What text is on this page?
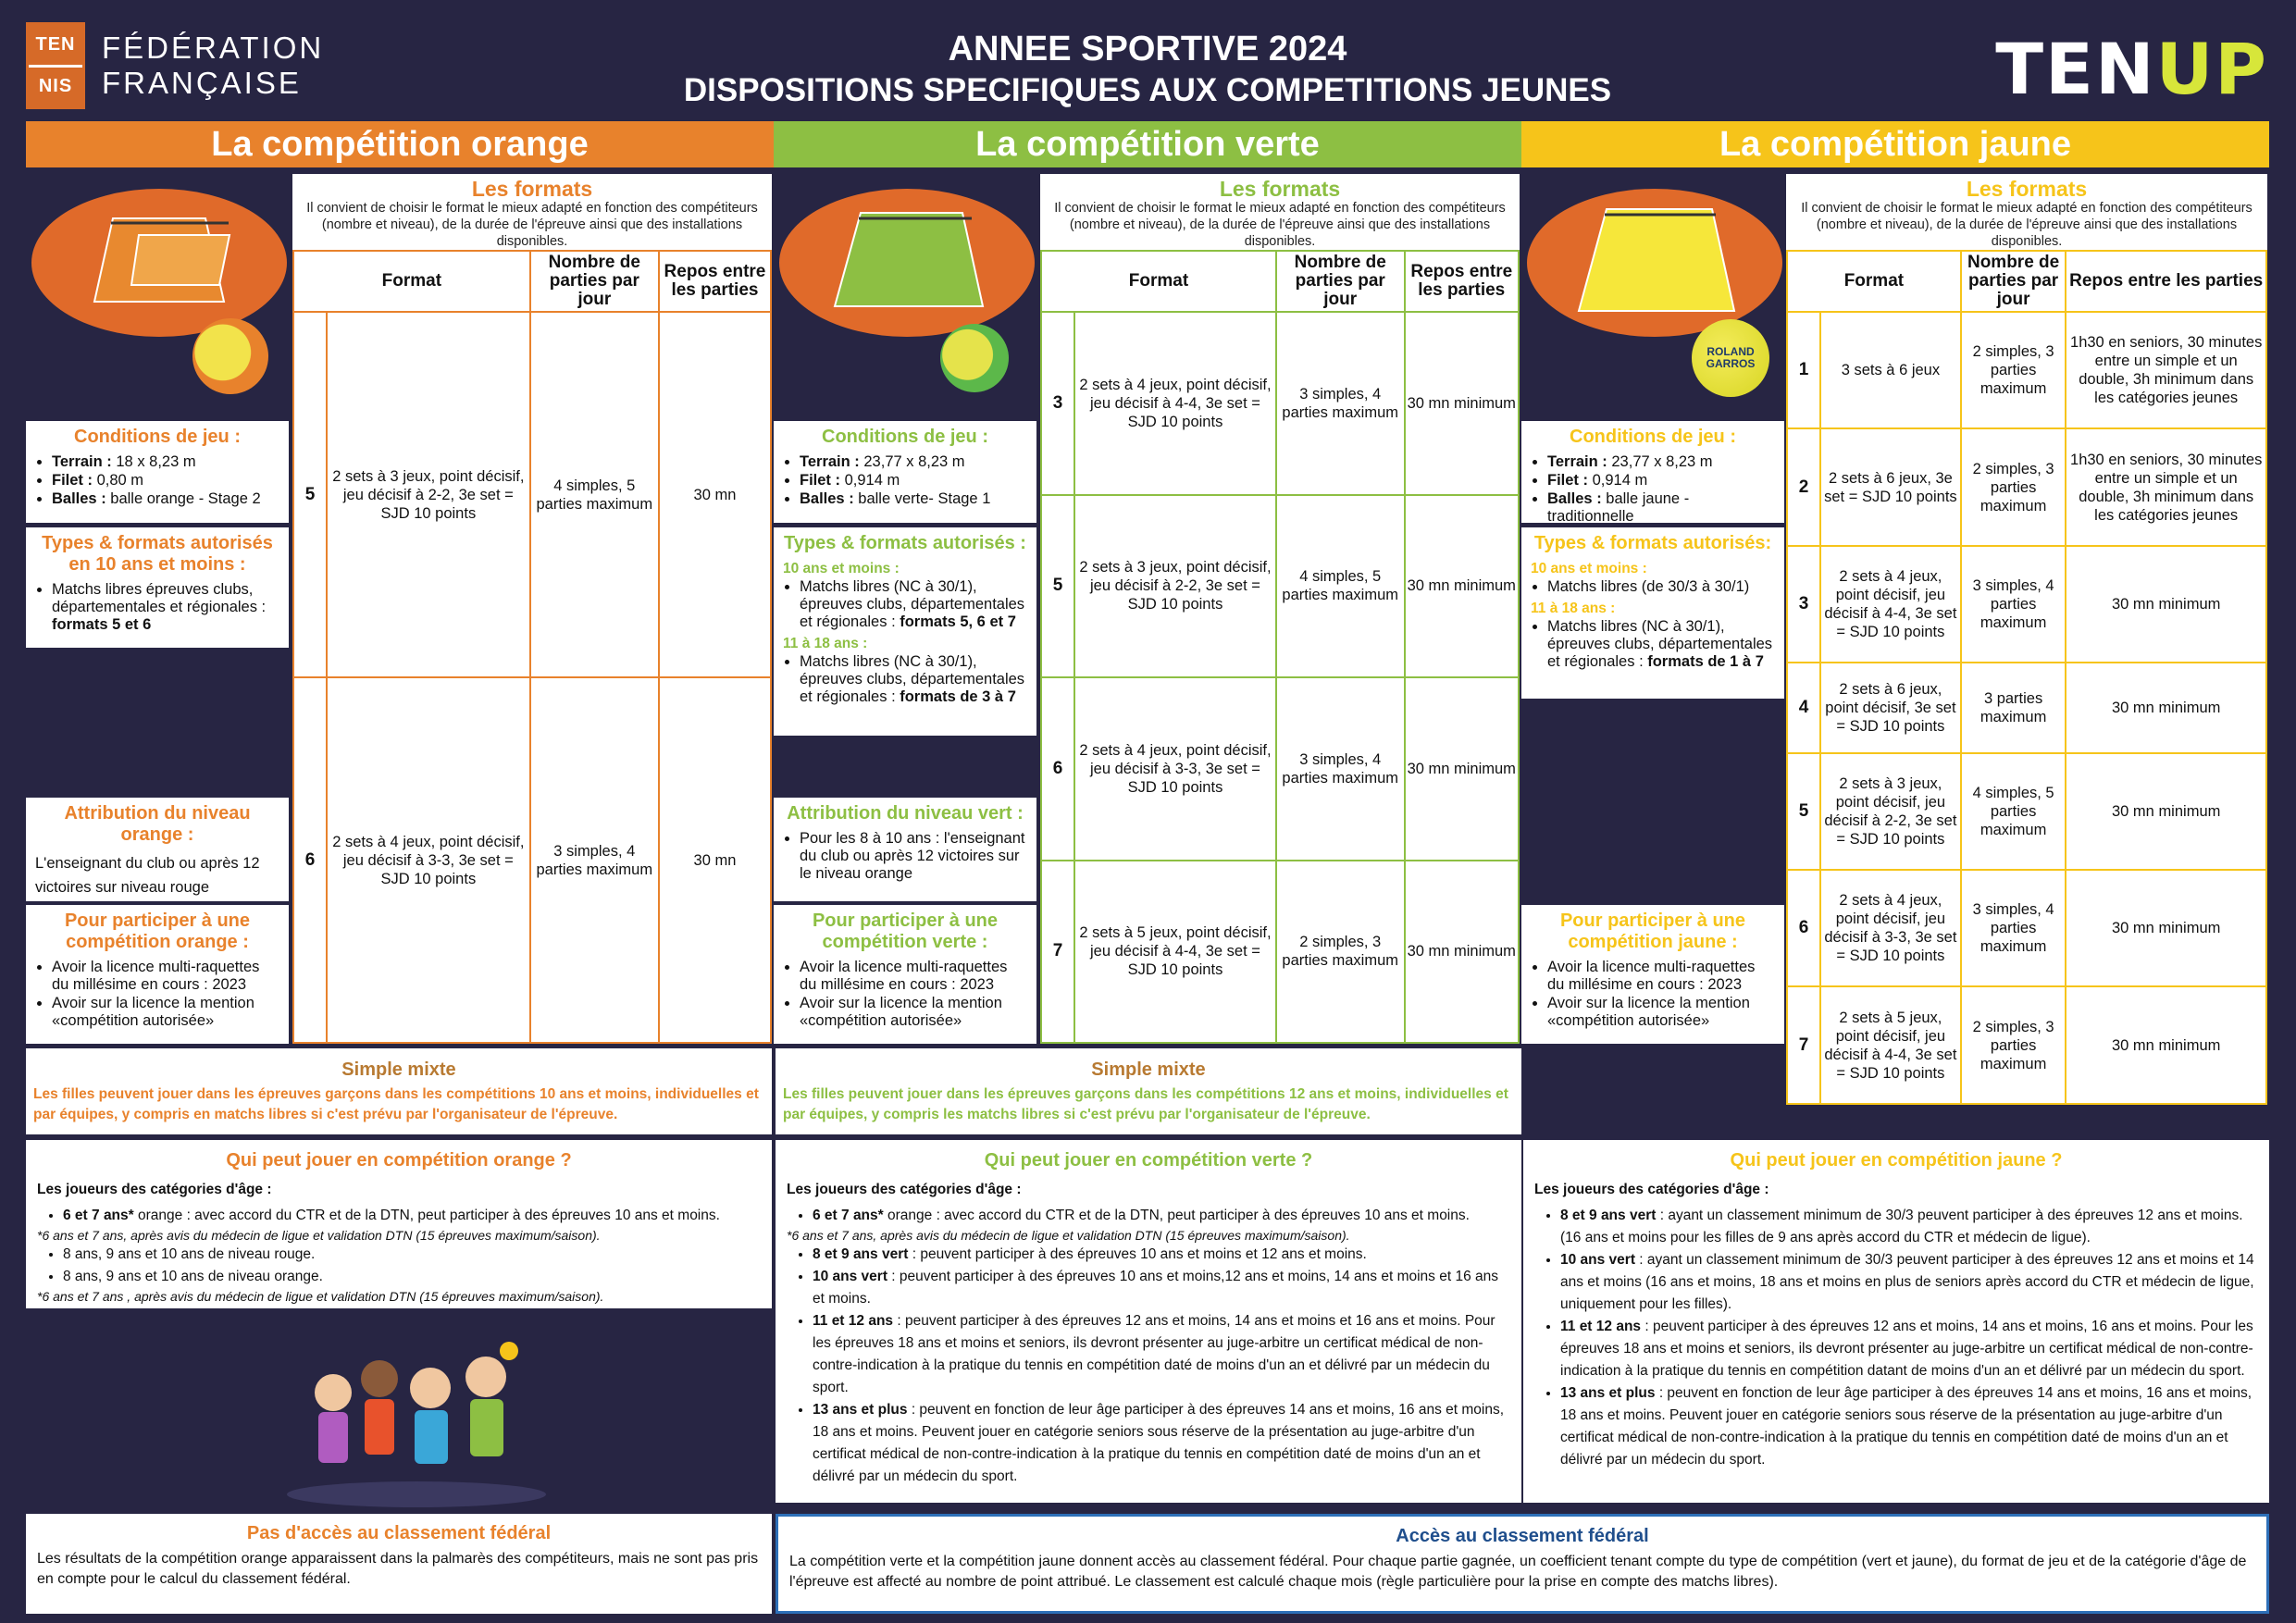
TEN
NIS
FÉDÉRATION
FRANÇAISE
ANNEE SPORTIVE 2024
DISPOSITIONS SPECIFIQUES AUX COMPETITIONS JEUNES	TENUP
La compétition orange	La compétition verte	La compétition jaune
Conditions de jeu :
• Terrain : 18 x 8,23 m
• Filet : 0,80 m
• Balles : balle orange - Stage 2
Types & formats autorisés en 10 ans et moins :
• Matchs libres épreuves clubs, départementales et régionales : formats 5 et 6
Attribution du niveau orange :

L'enseignant du club ou après 12 victoires sur niveau rouge

Pour participer à une compétition orange :
• Avoir la licence multi-raquettes du millésime en cours : 2023
• Avoir sur la licence la mention «compétition autorisée»
Les formats

Il convient de choisir le format le mieux adapté en fonction des compétiteurs (nombre et niveau), de la durée de l'épreuve ainsi que des installations disponibles.

Format		Nombre de parties par jour	Repos entre les parties
5	2 sets à 3 jeux, point décisif, jeu décisif à 2-2, 3e set = SJD 10 points	4 simples, 5 parties maximum	30 mn
6	2 sets à 4 jeux, point décisif, jeu décisif à 3-3, 3e set = SJD 10 points	3 simples, 4 parties maximum	30 mn
Simple mixte

Les filles peuvent jouer dans les épreuves garçons dans les compétitions 10 ans et moins, individuelles et par équipes, y compris en matchs libres si c'est prévu par l'organisateur de l'épreuve.

Qui peut jouer en compétition orange ?
Les joueurs des catégories d'âge :
• 6 et 7 ans* orange : avec accord du CTR et de la DTN, peut participer à des épreuves 10 ans et moins.
*6 ans et 7 ans, après avis du médecin de ligue et validation DTN (15 épreuves maximum/saison).
• 8 ans, 9 ans et 10 ans de niveau rouge.
• 8 ans, 9 ans et 10 ans de niveau orange.
*6 ans et 7 ans , après avis du médecin de ligue et validation DTN (15 épreuves maximum/saison).
Pas d'accès au classement fédéral

Les résultats de la compétition orange apparaissent dans la palmarès des compétiteurs, mais ne sont pas pris en compte pour le calcul du classement fédéral.

Conditions de jeu :
• Terrain : 23,77 x 8,23 m
• Filet : 0,914 m
• Balles : balle verte- Stage 1
Types & formats autorisés :
10 ans et moins :
• Matchs libres (NC à 30/1), épreuves clubs, départementales et régionales : formats 5, 6 et 7
11 à 18 ans :
• Matchs libres (NC à 30/1), épreuves clubs, départementales et régionales : formats de 3 à 7
Attribution du niveau vert :
• Pour les 8 à 10 ans : l'enseignant du club ou après 12 victoires sur le niveau orange
Pour participer à une compétition verte :
• Avoir la licence multi-raquettes du millésime en cours : 2023
• Avoir sur la licence la mention «compétition autorisée»
Les formats

Il convient de choisir le format le mieux adapté en fonction des compétiteurs (nombre et niveau), de la durée de l'épreuve ainsi que des installations disponibles.

Format		Nombre de parties par jour	Repos entre les parties
3	2 sets à 4 jeux, point décisif, jeu décisif à 4-4, 3e set = SJD 10 points	3 simples, 4 parties maximum	30 mn minimum
5	2 sets à 3 jeux, point décisif, jeu décisif à 2-2, 3e set = SJD 10 points	4 simples, 5 parties maximum	30 mn minimum
6	2 sets à 4 jeux, point décisif, jeu décisif à 3-3, 3e set = SJD 10 points	3 simples, 4 parties maximum	30 mn minimum
7	2 sets à 5 jeux, point décisif, jeu décisif à 4-4, 3e set = SJD 10 points	2 simples, 3 parties maximum	30 mn minimum
Simple mixte

Les filles peuvent jouer dans les épreuves garçons dans les compétitions 12 ans et moins, individuelles et par équipes, y compris les matchs libres si c'est prévu par l'organisateur de l'épreuve.

Qui peut jouer en compétition verte ?
Les joueurs des catégories d'âge :
• 6 et 7 ans* orange : avec accord du CTR et de la DTN, peut participer à des épreuves 10 ans et moins.
*6 ans et 7 ans, après avis du médecin de ligue et validation DTN (15 épreuves maximum/saison).
• 8 et 9 ans vert : peuvent participer à des épreuves 10 ans et moins et 12 ans et moins.
• 10 ans vert : peuvent participer à des épreuves 10 ans et moins,12 ans et moins, 14 ans et moins et 16 ans et moins.
• 11 et 12 ans : peuvent participer à des épreuves 12 ans et moins, 14 ans et moins et 16 ans et moins. Pour les épreuves 18 ans et moins et seniors, ils devront présenter au juge-arbitre un certificat médical de non-contre-indication à la pratique du tennis en compétition daté de moins d'un an et délivré par un médecin du sport.
• 13 ans et plus : peuvent en fonction de leur âge participer à des épreuves 14 ans et moins, 16 ans et moins, 18 ans et moins. Peuvent jouer en catégorie seniors sous réserve de la présentation au juge-arbitre d'un certificat médical de non-contre-indication à la pratique du tennis en compétition daté de moins d'un an et délivré par un médecin du sport.
Accès au classement fédéral

La compétition verte et la compétition jaune donnent accès au classement fédéral. Pour chaque partie gagnée, un coefficient tenant compte du type de compétition (vert et jaune), du format de jeu et de la catégorie d'âge de l'épreuve est affecté au nombre de point attribué. Le classement est calculé chaque mois (règle particulière pour la prise en compte des matchs libres).

ROLAND GARROS
Conditions de jeu :
• Terrain : 23,77 x 8,23 m
• Filet : 0,914 m
• Balles : balle jaune - traditionnelle
Types & formats autorisés:
10 ans et moins :
• Matchs libres (de 30/3 à 30/1)
11 à 18 ans :
• Matchs libres (NC à 30/1), épreuves clubs, départementales et régionales : formats de 1 à 7
Pour participer à une compétition jaune :
• Avoir la licence multi-raquettes du millésime en cours : 2023
• Avoir sur la licence la mention «compétition autorisée»
Les formats

Il convient de choisir le format le mieux adapté en fonction des compétiteurs (nombre et niveau), de la durée de l'épreuve ainsi que des installations disponibles.

Format		Nombre de parties par jour	Repos entre les parties
1	3 sets à 6 jeux	2 simples, 3 parties maximum	1h30 en seniors, 30 minutes entre un simple et un double, 3h minimum dans les catégories jeunes
2	2 sets à 6 jeux, 3e set = SJD 10 points	2 simples, 3 parties maximum	1h30 en seniors, 30 minutes entre un simple et un double, 3h minimum dans les catégories jeunes
3	2 sets à 4 jeux, point décisif, jeu décisif à 4-4, 3e set = SJD 10 points	3 simples, 4 parties maximum	30 mn minimum
4	2 sets à 6 jeux, point décisif, 3e set = SJD 10 points	3 parties maximum	30 mn minimum
5	2 sets à 3 jeux, point décisif, jeu décisif à 2-2, 3e set = SJD 10 points	4 simples, 5 parties maximum	30 mn minimum
6	2 sets à 4 jeux, point décisif, jeu décisif à 3-3, 3e set = SJD 10 points	3 simples, 4 parties maximum	30 mn minimum
7	2 sets à 5 jeux, point décisif, jeu décisif à 4-4, 3e set = SJD 10 points	2 simples, 3 parties maximum	30 mn minimum
Qui peut jouer en compétition jaune ?
Les joueurs des catégories d'âge :
• 8 et 9 ans vert : ayant un classement minimum de 30/3 peuvent participer à des épreuves 12 ans et moins. (16 ans et moins pour les filles de 9 ans après accord du CTR et médecin de ligue).
• 10 ans vert : ayant un classement minimum de 30/3 peuvent participer à des épreuves 12 ans et moins et 14 ans et moins (16 ans et moins, 18 ans et moins en plus de seniors après accord du CTR et médecin de ligue, uniquement pour les filles).
• 11 et 12 ans : peuvent participer à des épreuves 12 ans et moins, 14 ans et moins, 16 ans et moins. Pour les épreuves 18 ans et moins et seniors, ils devront présenter au juge-arbitre un certificat médical de non-contre-indication à la pratique du tennis en compétition datant de moins d'un an et délivré par un médecin du sport.
• 13 ans et plus : peuvent en fonction de leur âge participer à des épreuves 14 ans et moins, 16 ans et moins, 18 ans et moins. Peuvent jouer en catégorie seniors sous réserve de la présentation au juge-arbitre d'un certificat médical de non-contre-indication à la pratique du tennis en compétition daté de moins d'un an et délivré par un médecin du sport.
